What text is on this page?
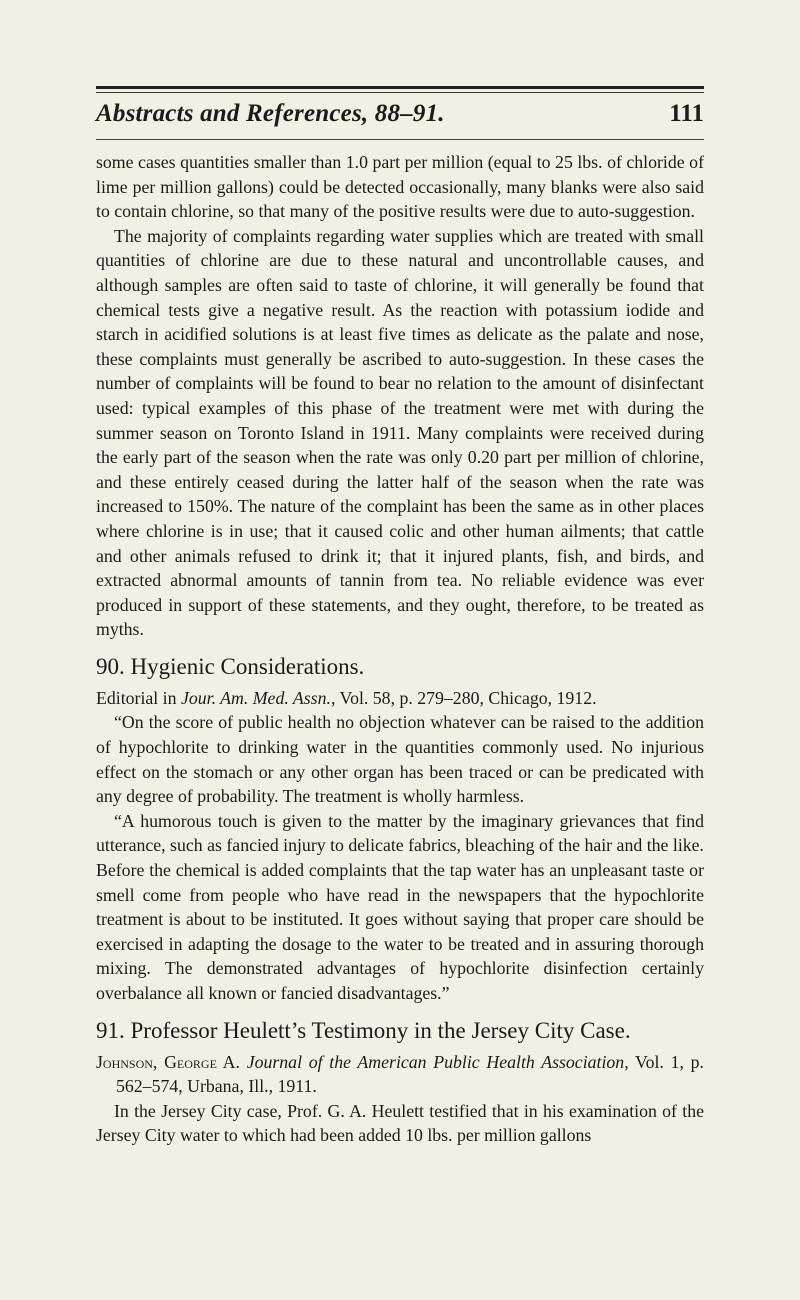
Abstracts and References, 88–91.	111

some cases quantities smaller than 1.0 part per million (equal to 25 lbs. of chloride of lime per million gallons) could be detected occasionally, many blanks were also said to contain chlorine, so that many of the positive results were due to auto-suggestion.

The majority of complaints regarding water supplies which are treated with small quantities of chlorine are due to these natural and uncontrollable causes, and although samples are often said to taste of chlorine, it will generally be found that chemical tests give a negative result. As the reaction with potassium iodide and starch in acidified solutions is at least five times as delicate as the palate and nose, these complaints must generally be ascribed to auto-suggestion. In these cases the number of complaints will be found to bear no relation to the amount of disinfectant used: typical examples of this phase of the treatment were met with during the summer season on Toronto Island in 1911. Many complaints were received during the early part of the season when the rate was only 0.20 part per million of chlorine, and these entirely ceased during the latter half of the season when the rate was increased to 150%. The nature of the complaint has been the same as in other places where chlorine is in use; that it caused colic and other human ailments; that cattle and other animals refused to drink it; that it injured plants, fish, and birds, and extracted abnormal amounts of tannin from tea. No reliable evidence was ever produced in support of these statements, and they ought, therefore, to be treated as myths.

90. Hygienic Considerations.

Editorial in Jour. Am. Med. Assn., Vol. 58, p. 279–280, Chicago, 1912.

“On the score of public health no objection whatever can be raised to the addition of hypochlorite to drinking water in the quantities commonly used. No injurious effect on the stomach or any other organ has been traced or can be predicated with any degree of probability. The treatment is wholly harmless.

“A humorous touch is given to the matter by the imaginary grievances that find utterance, such as fancied injury to delicate fabrics, bleaching of the hair and the like. Before the chemical is added complaints that the tap water has an unpleasant taste or smell come from people who have read in the newspapers that the hypochlorite treatment is about to be instituted. It goes without saying that proper care should be exercised in adapting the dosage to the water to be treated and in assuring thorough mixing. The demonstrated advantages of hypochlorite disinfection certainly overbalance all known or fancied disadvantages.”

91. Professor Heulett’s Testimony in the Jersey City Case.

Johnson, George A. Journal of the American Public Health Association, Vol. 1, p. 562–574, Urbana, Ill., 1911.

In the Jersey City case, Prof. G. A. Heulett testified that in his examination of the Jersey City water to which had been added 10 lbs. per million gallons
